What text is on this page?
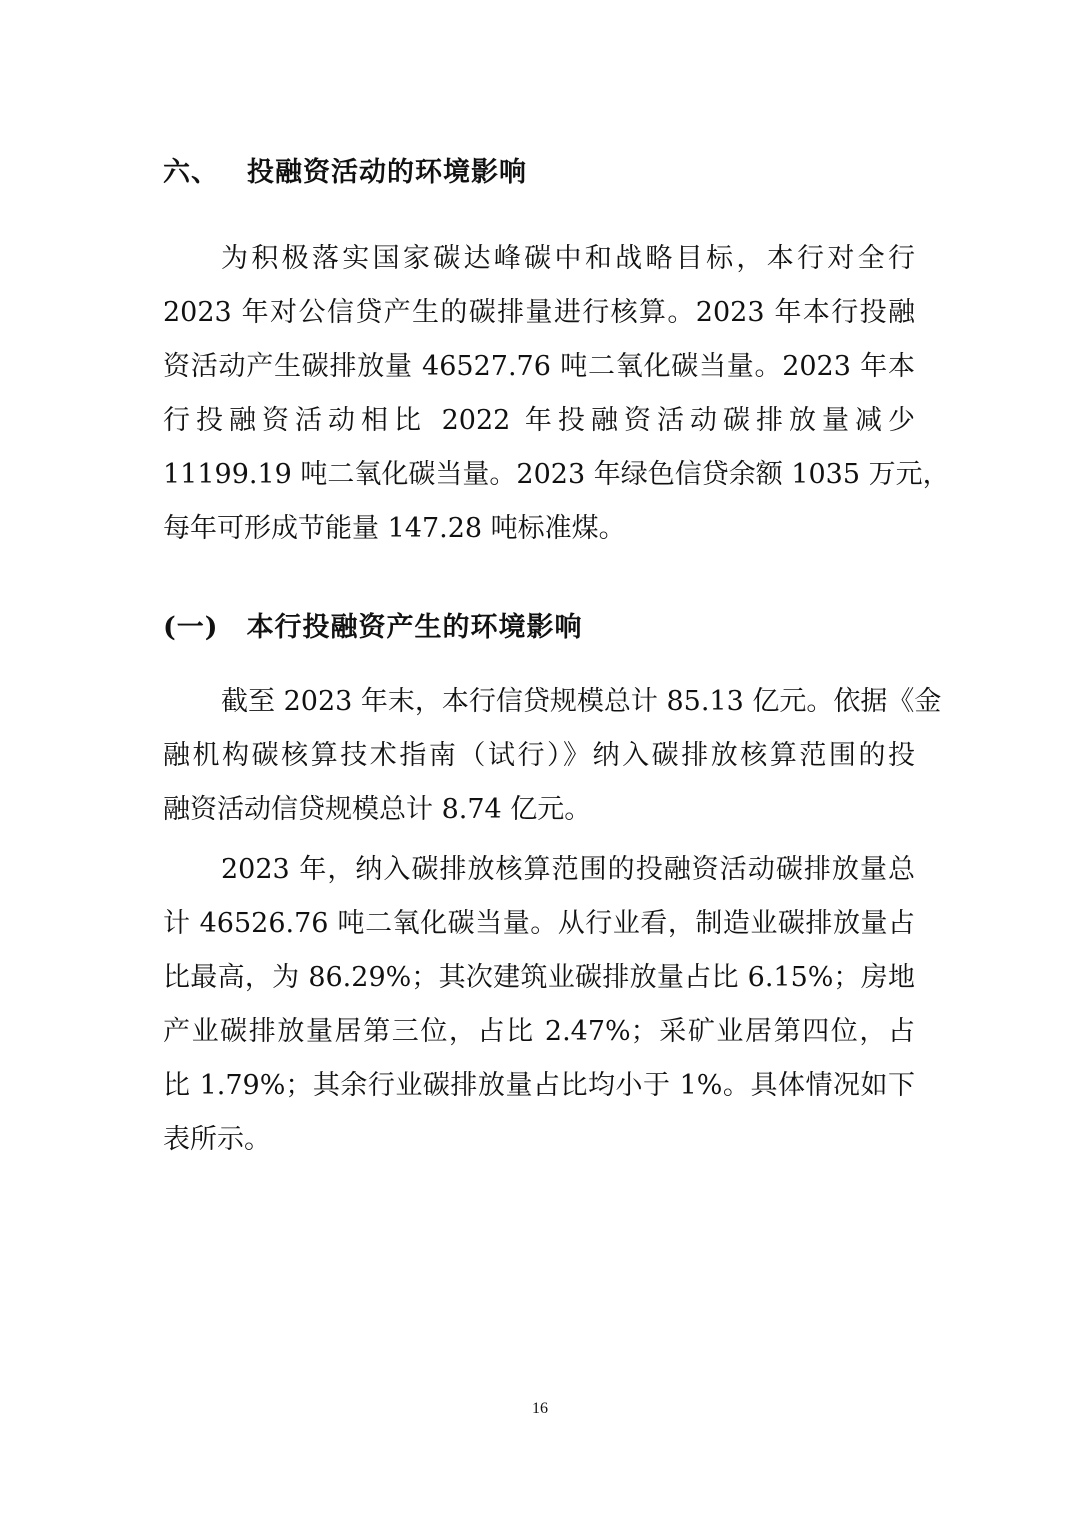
六、 投融资活动的环境影响
为积极落实国家碳达峰碳中和战略目标，本行对全行
2023 年对公信贷产生的碳排量进行核算。2023 年本行投融
资活动产生碳排放量 46527.76 吨二氧化碳当量。2023 年本
行投融资活动相比 2022 年投融资活动碳排放量减少
11199.19 吨二氧化碳当量。2023 年绿色信贷余额 1035 万元，
每年可形成节能量 147.28 吨标准煤。
(一) 本行投融资产生的环境影响
截至 2023 年末，本行信贷规模总计 85.13 亿元。依据《金
融机构碳核算技术指南（试行）》纳入碳排放核算范围的投
融资活动信贷规模总计 8.74 亿元。
2023 年，纳入碳排放核算范围的投融资活动碳排放量总
计 46526.76 吨二氧化碳当量。从行业看，制造业碳排放量占
比最高，为 86.29%；其次建筑业碳排放量占比 6.15%；房地
产业碳排放量居第三位，占比 2.47%；采矿业居第四位，占
比 1.79%；其余行业碳排放量占比均小于 1%。具体情况如下
表所示。
16
